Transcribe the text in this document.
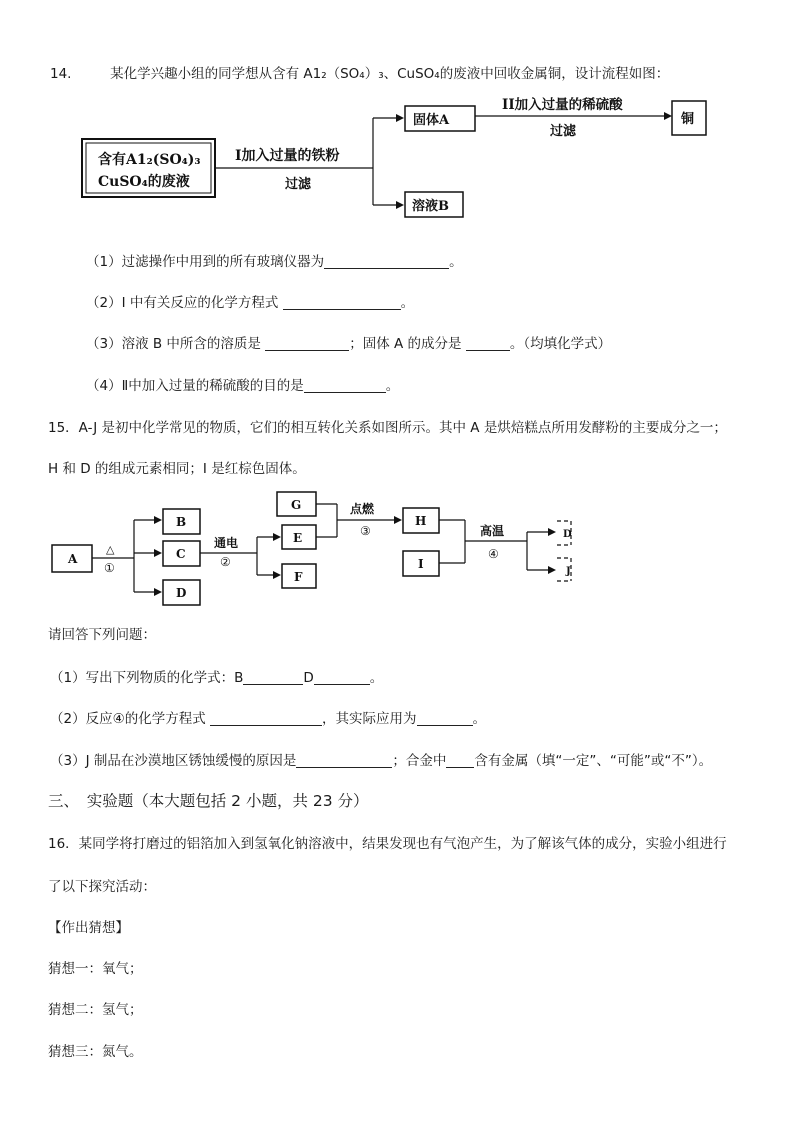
14.	某化学兴趣小组的同学想从含有 A1₂（SO₄）₃、CuSO₄的废液中回收金属铜，设计流程如图：
含有A1₂(SO₄)₃
CuSO₄的废液
I加入过量的铁粉
过滤
固体A
溶液B
II加入过量的稀硫酸
过滤
铜
（1）过滤操作中用到的所有玻璃仪器为	。
（2）I 中有关反应的化学方程式	。
（3）溶液 B 中所含的溶质是	；固体 A 的成分是	。（均填化学式）
（4）Ⅱ中加入过量的稀硫酸的目的是	。
15．A-J 是初中化学常见的物质，它们的相互转化关系如图所示。其中 A 是烘焙糕点所用发酵粉的主要成分之一；
H 和 D 的组成元素相同；I 是红棕色固体。
A
△
①
B
C
D
通电
②
G
E
F
点燃
③
H
I
高温
④
D
J
请回答下列问题：
（1）写出下列物质的化学式：B	D	。
（2）反应④的化学方程式	，其实际应用为	。
（3）J 制品在沙漠地区锈蚀缓慢的原因是	；合金中 含有金属（填“一定”、“可能”或“不”）。
三、　实验题（本大题包括 2 小题，共 23 分）
16．某同学将打磨过的铝箔加入到氢氧化钠溶液中，结果发现也有气泡产生，为了解该气体的成分，实验小组进行
了以下探究活动：
【作出猜想】
猜想一：氧气；
猜想二：氢气；
猜想三：氮气。
